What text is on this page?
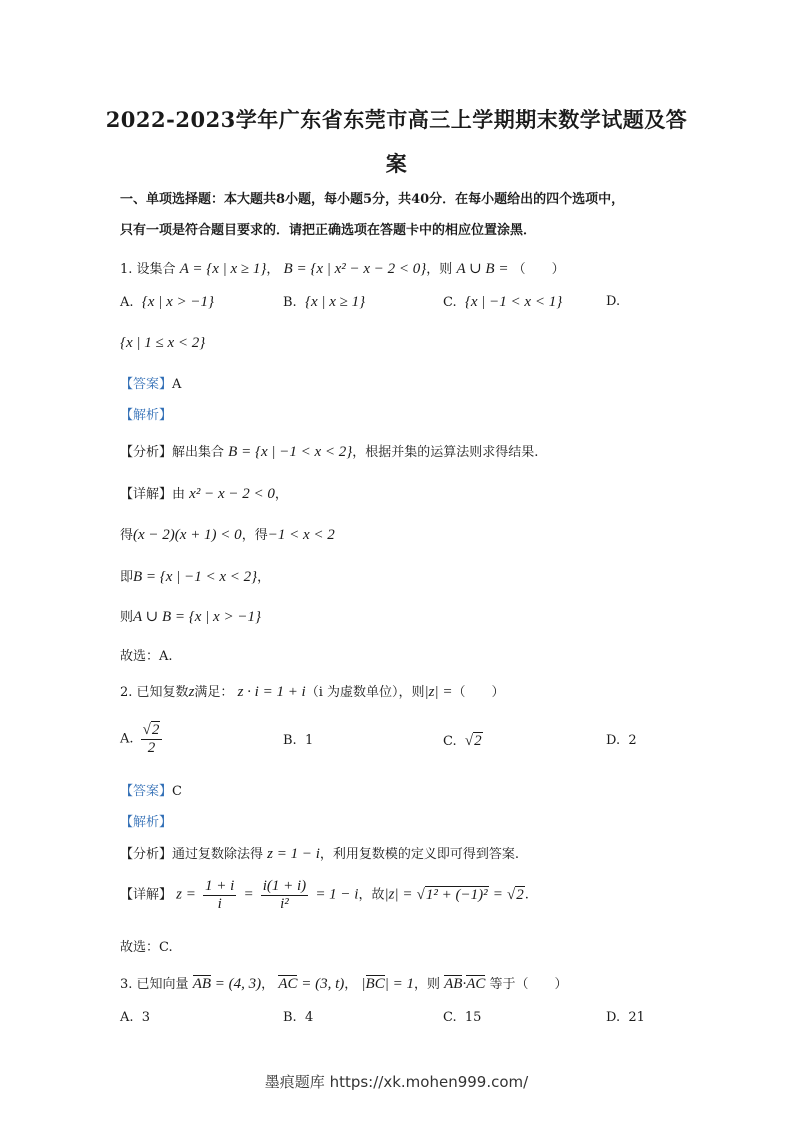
2022-2023学年广东省东莞市高三上学期期末数学试题及答
案
一、单项选择题：本大题共8小题，每小题5分，共40分．在每小题给出的四个选项中，
只有一项是符合题目要求的．请把正确选项在答题卡中的相应位置涂黑．
1. 设集合 A = {x | x ≥ 1}， B = {x | x² − x − 2 < 0}，则 A ∪ B = （　　）
A. {x | x > −1}	B. {x | x ≥ 1}	C. {x | −1 < x < 1}	D.
{x | 1 ≤ x < 2}
【答案】A
【解析】
【分析】解出集合 B = {x | −1 < x < 2}，根据并集的运算法则求得结果.
【详解】由 x² − x − 2 < 0，
得(x − 2)(x + 1) < 0，得−1 < x < 2
即B = {x | −1 < x < 2}，
则A ∪ B = {x | x > −1}
故选：A.
2. 已知复数z满足： z · i = 1 + i（i 为虚数单位），则|z| =（　　）
A. $\frac{√2}{2}$	B. 1	C. √2	D. 2
【答案】C
【解析】
【分析】通过复数除法得 z = 1 − i，利用复数模的定义即可得到答案.
【详解】 $z = \frac{1 + i}{i} = \frac{i(1 + i)}{\text{i²}} = 1 - i$，故|z| = √1² + (−1)² = √2.
故选：C.
3. 已知向量 AB = (4, 3)， AC = (3, t)， |BC| = 1，则 AB·AC 等于（　　）
A. 3	B. 4	C. 15	D. 21
墨痕题库 https://xk.mohen999.com/
